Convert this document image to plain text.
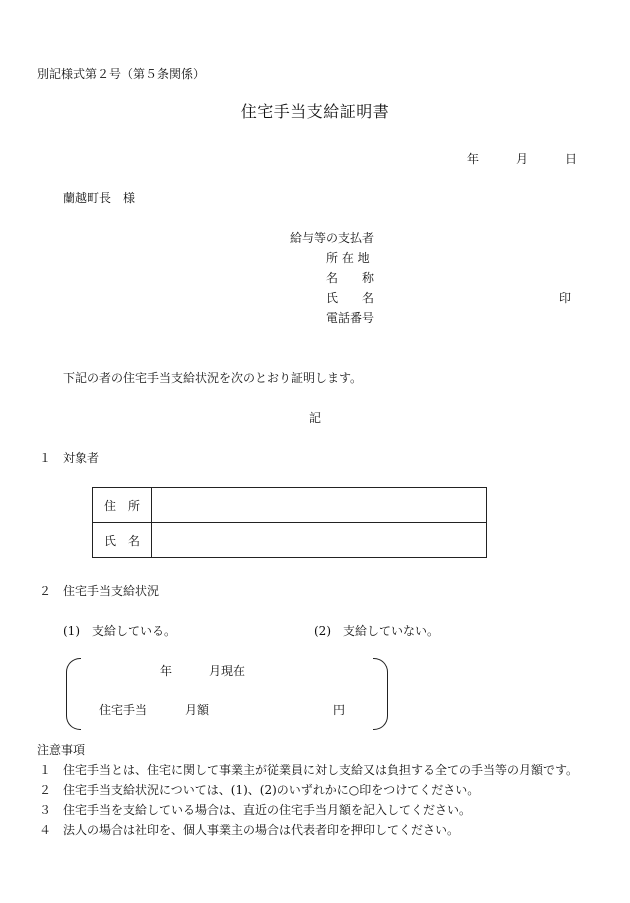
別記様式第２号（第５条関係）
住宅手当支給証明書
年	月	日
蘭越町長　様
給与等の支払者
所 在 地
名　　称
氏　　名	印
電話番号
下記の者の住宅手当支給状況を次のとおり証明します。
記
１　対象者
住　所	
氏　名	
２　住宅手当支給状況
(1)　支給している。	(2)　支給していない。
年	月現在
住宅手当	月額	円
注意事項
１　住宅手当とは、住宅に関して事業主が従業員に対し支給又は負担する全ての手当等の月額です。
２　住宅手当支給状況については、(1)、(2)のいずれかに○印をつけてください。
３　住宅手当を支給している場合は、直近の住宅手当月額を記入してください。
４　法人の場合は社印を、個人事業主の場合は代表者印を押印してください。
